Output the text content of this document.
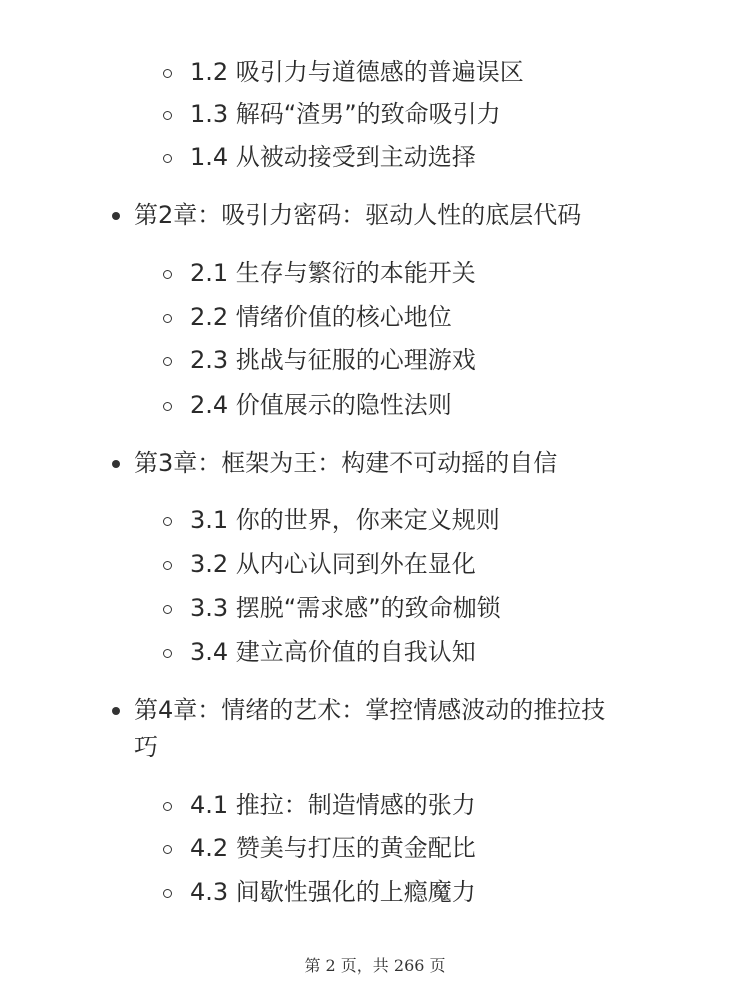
1.2 吸引力与道德感的普遍误区
1.3 解码“渣男”的致命吸引力
1.4 从被动接受到主动选择
第2章：吸引力密码：驱动人性的底层代码
2.1 生存与繁衍的本能开关
2.2 情绪价值的核心地位
2.3 挑战与征服的心理游戏
2.4 价值展示的隐性法则
第3章：框架为王：构建不可动摇的自信
3.1 你的世界，你来定义规则
3.2 从内心认同到外在显化
3.3 摆脱“需求感”的致命枷锁
3.4 建立高价值的自我认知
第4章：情绪的艺术：掌控情感波动的推拉技
巧
4.1 推拉：制造情感的张力
4.2 赞美与打压的黄金配比
4.3 间歇性强化的上瘾魔力
第 2 页，共 266 页
